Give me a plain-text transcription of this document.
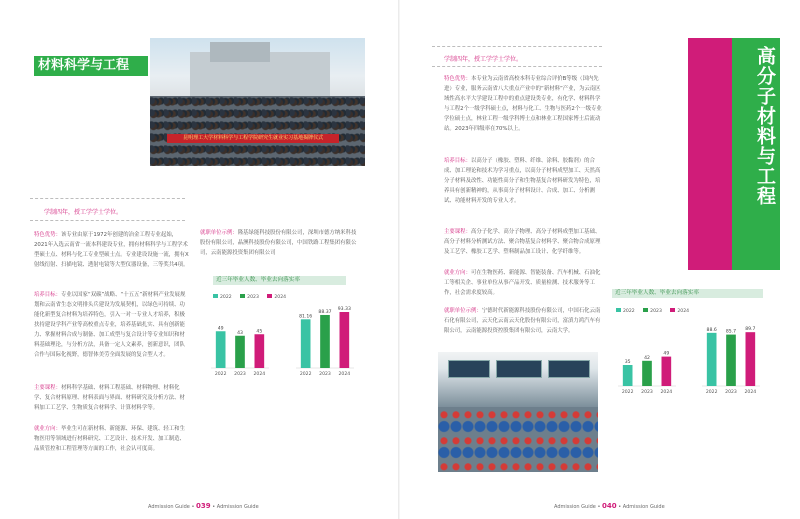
昆明理工大学材料科学与工程学院研究生就业实习基地揭牌仪式
材料科学与工程
学制四年，授工学学士学位。
特色优势：该专业由原于1972年创建的冶金工程专业起始，2021年入选云南省一流本科建设专业，拥有材料科学与工程学术型硕士点、材料与化工专业型硕士点。专业建设设施一流，拥有X射线衍射、扫描电镜、透射电镜等大型仪器设备，三等奖共4项。
培养目标：专业以国家“双碳”战略、“十五五”新材料产业发展规划和云南省生态文明排头兵建设为发展契机，以绿色可持续、功能化新型复合材料为培养特色，引入一对一专业人才培养，积极扶持建设学科产业等高校重点专业，培养基础扎实、具有创新能力、掌握材料合成与制备、加工成型与复合设计等专业知识和材料基础理论，与分析方法，具备一定人文素养，创新意识，团队合作与国际化视野，德智体美劳全面发展的复合型人才。
主要课程：材料科学基础、材料工程基础、材料物理、材料化学、复合材料原理、材料表面与界面、材料研究及分析方法、材料加工工艺学、生物质复合材料学、计算材料学等。
就业方向：毕业生可在新材料、新能源、环保、建筑、轻工和生物医用等领域进行材料研究、工艺设计、技术开发、加工制造、品质管控和工程管理等方面的工作，社会认可度高。
就职单位示例：隆基绿能科技股份有限公司，深圳市德方纳米科技股份有限公司，晶澳科技股份有限公司，中国铁路工程集团有限公司，云南能源投资集团有限公司
近三年毕业人数、毕业去向落实率
2022	2023	2024
49
2022
43
2023
45
2024
81.16
2022
88.37
2023
93.33
2024
Admission Guide • 039 • Admission Guide
高分子材料与工程
学制四年，授工学学士学位。
特色优势：本专业为云南省高校本科专业综合评价B等级（国内先进）专业，服务云南省八大重点产业中的“新材料”产业，为云南区域性高水平大学建设工程中的重点建设类专业，有化学、材料科学与工程2个一级学科硕士点，材料与化工、生物与医药2个一级专业学位硕士点，林业工程一级学科博士点和林业工程国家博士后流动站。2023年四级率在70%以上。
培养目标：以高分子（橡胶、塑料、纤维、涂料、胶黏剂）的合成、加工理论和技术为学习重点，以高分子材料成型加工、天然高分子材料及改性、功能性高分子和生物基复合材料研发为特色，培养具有创新精神的，从事高分子材料设计、合成、加工、分析测试、功能材料开发的专业人才。
主要课程：高分子化学、高分子物理、高分子材料成型加工基础、高分子材料分析测试方法、聚合物基复合材料学、聚合物合成原理及工艺学、橡胶工艺学、塑料制品加工设计、化学纤维等。
就业方向：可在生物医药、新能源、智能装备、汽车机械、石油化工等相关企、事业单位从事产品开发、质量检测、技术服务等工作，社会需求度较高。
就职单位示例：宁德时代新能源科技股份有限公司，中国石化云南石化有限公司，云天化云南云天化股份有限公司，富滇力鸿汽车有限公司，云南能源投资控股集团有限公司，云南大学。
近三年毕业人数、毕业去向落实率
2022	2023	2024
35
2022
42
2023
49
2024
88.6
2022
85.7
2023
89.7
2024
Admission Guide • 040 • Admission Guide
